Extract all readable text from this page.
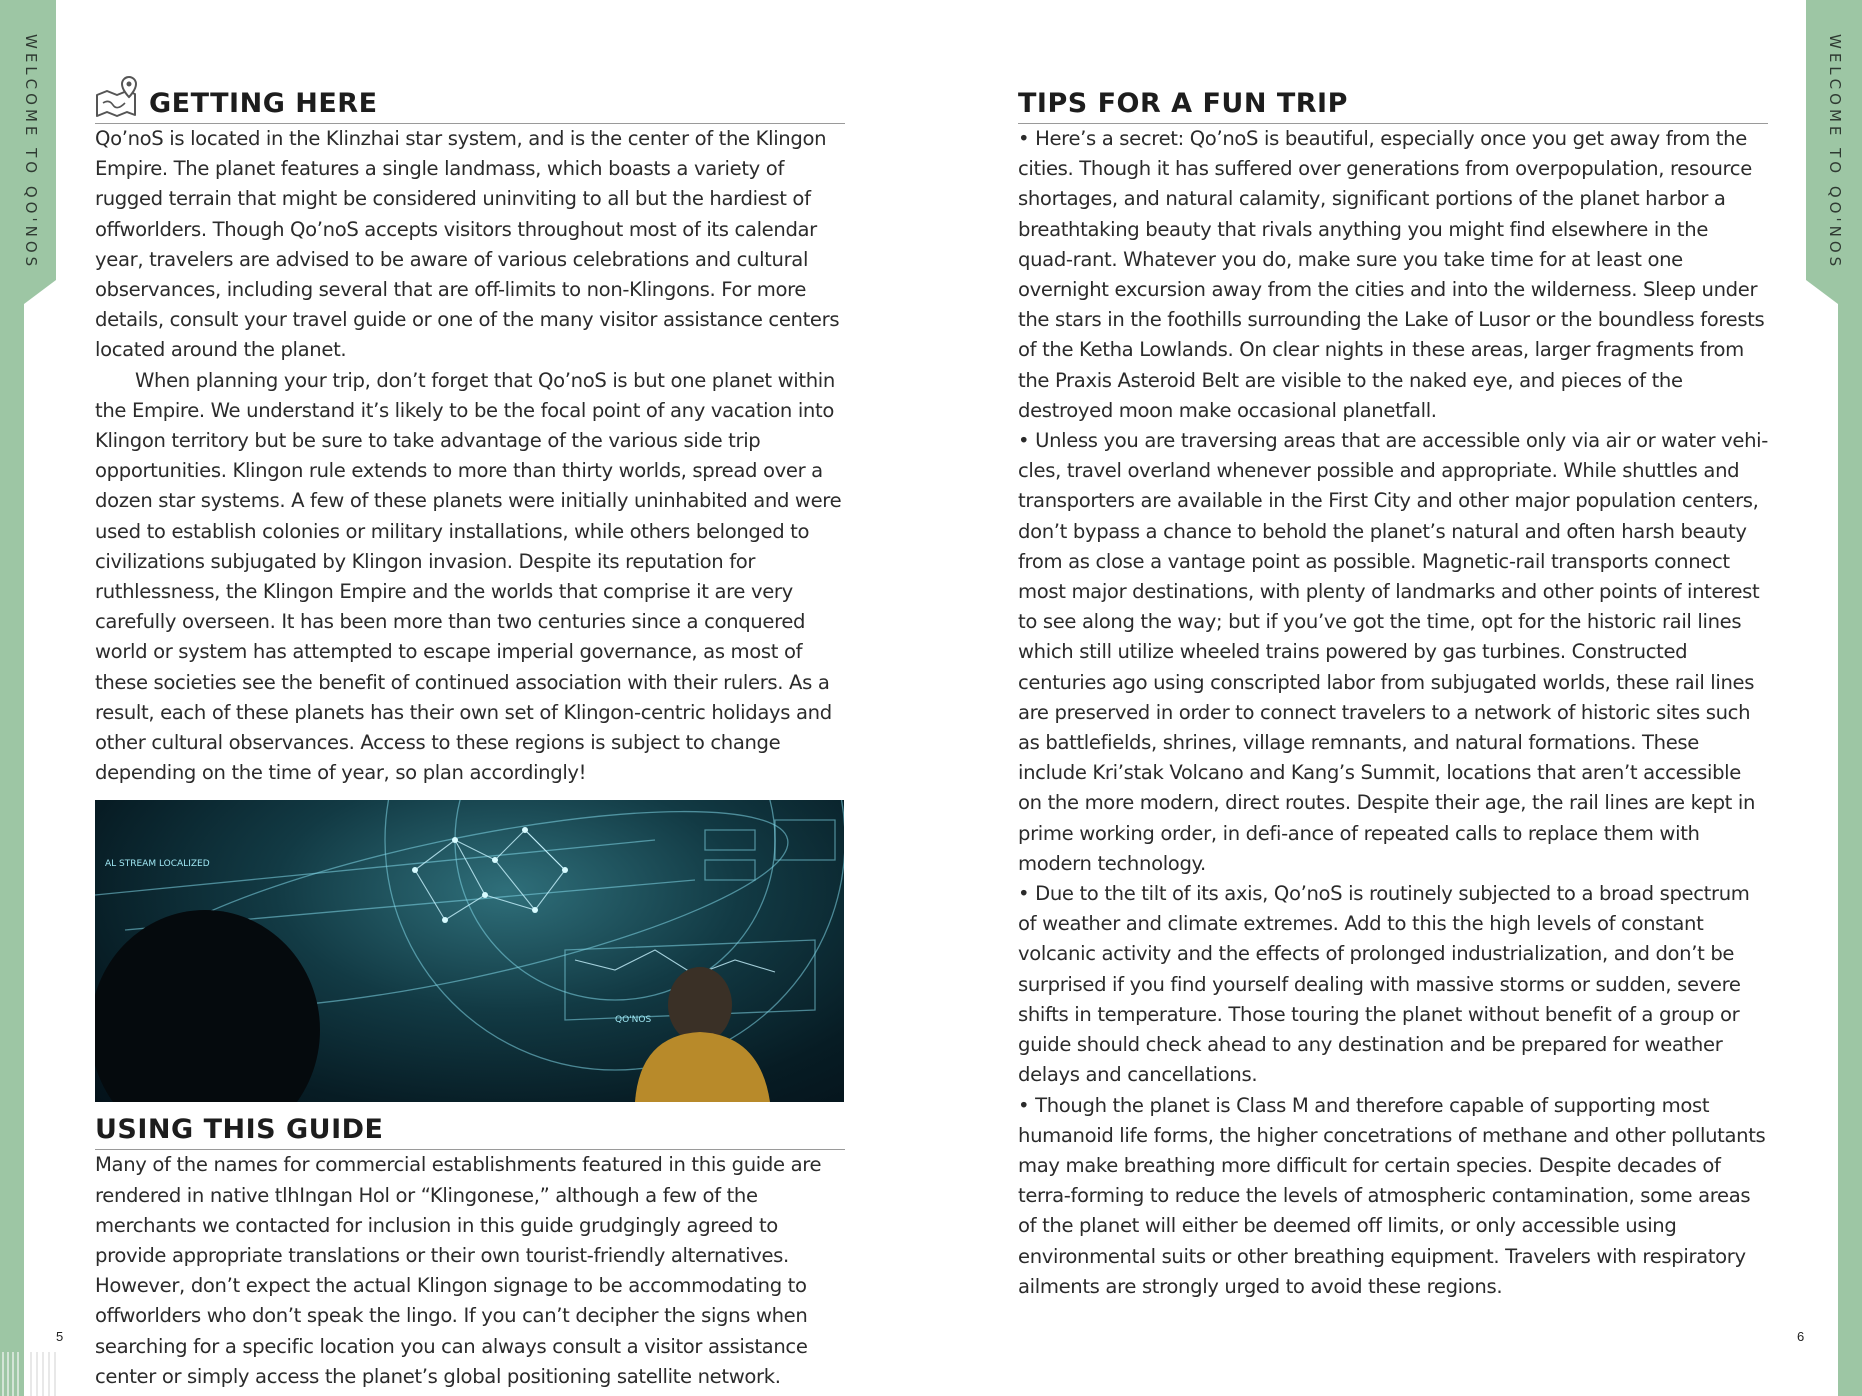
WELCOME TO QO'NOS	WELCOME TO QO'NOS
5	6
GETTING HERE

Qo’noS is located in the Klinzhai star system, and is the center of the Klingon Empire. The planet features a single landmass, which boasts a variety of rugged terrain that might be considered uninviting to all but the hardiest of offworlders. Though Qo’noS accepts visitors throughout most of its calendar year, travelers are advised to be aware of various celebrations and cultural observances, including several that are off-limits to non-Klingons. For more details, consult your travel guide or one of the many visitor assistance centers located around the planet.

When planning your trip, don’t forget that Qo’noS is but one planet within the Empire. We understand it’s likely to be the focal point of any vacation into Klingon territory but be sure to take advantage of the various side trip opportunities. Klingon rule extends to more than thirty worlds, spread over a dozen star systems. A few of these planets were initially uninhabited and were used to establish colonies or military installations, while others belonged to civilizations subjugated by Klingon invasion. Despite its reputation for ruthlessness, the Klingon Empire and the worlds that comprise it are very carefully overseen. It has been more than two centuries since a conquered world or system has attempted to escape imperial governance, as most of these societies see the benefit of continued association with their rulers. As a result, each of these planets has their own set of Klingon-centric holidays and other cultural observances. Access to these regions is subject to change depending on the time of year, so plan accordingly!

AL STREAM LOCALIZED
QO'NOS
USING THIS GUIDE

Many of the names for commercial establishments featured in this guide are rendered in native tlhIngan Hol or “Klingonese,” although a few of the merchants we contacted for inclusion in this guide grudgingly agreed to provide appropriate translations or their own tourist-friendly alternatives. However, don’t expect the actual Klingon signage to be accommodating to offworlders who don’t speak the lingo. If you can’t decipher the signs when searching for a specific location you can always consult a visitor assistance center or simply access the planet’s global positioning satellite network.

TIPS FOR A FUN TRIP

• Here’s a secret: Qo’noS is beautiful, especially once you get away from the cities. Though it has suffered over generations from overpopulation, resource shortages, and natural calamity, significant portions of the planet harbor a breathtaking beauty that rivals anything you might find elsewhere in the quad-rant. Whatever you do, make sure you take time for at least one overnight excursion away from the cities and into the wilderness. Sleep under the stars in the foothills surrounding the Lake of Lusor or the boundless forests of the Ketha Lowlands. On clear nights in these areas, larger fragments from the Praxis Asteroid Belt are visible to the naked eye, and pieces of the destroyed moon make occasional planetfall.

• Unless you are traversing areas that are accessible only via air or water vehi-cles, travel overland whenever possible and appropriate. While shuttles and transporters are available in the First City and other major population centers, don’t bypass a chance to behold the planet’s natural and often harsh beauty from as close a vantage point as possible. Magnetic-rail transports connect most major destinations, with plenty of landmarks and other points of interest to see along the way; but if you’ve got the time, opt for the historic rail lines which still utilize wheeled trains powered by gas turbines. Constructed centuries ago using conscripted labor from subjugated worlds, these rail lines are preserved in order to connect travelers to a network of historic sites such as battlefields, shrines, village remnants, and natural formations. These include Kri’stak Volcano and Kang’s Summit, locations that aren’t accessible on the more modern, direct routes. Despite their age, the rail lines are kept in prime working order, in defi-ance of repeated calls to replace them with modern technology.

• Due to the tilt of its axis, Qo’noS is routinely subjected to a broad spectrum of weather and climate extremes. Add to this the high levels of constant volcanic activity and the effects of prolonged industrialization, and don’t be surprised if you find yourself dealing with massive storms or sudden, severe shifts in temperature. Those touring the planet without benefit of a group or guide should check ahead to any destination and be prepared for weather delays and cancellations.

• Though the planet is Class M and therefore capable of supporting most humanoid life forms, the higher concetrations of methane and other pollutants may make breathing more difficult for certain species. Despite decades of terra-forming to reduce the levels of atmospheric contamination, some areas of the planet will either be deemed off limits, or only accessible using environmental suits or other breathing equipment. Travelers with respiratory ailments are strongly urged to avoid these regions.
